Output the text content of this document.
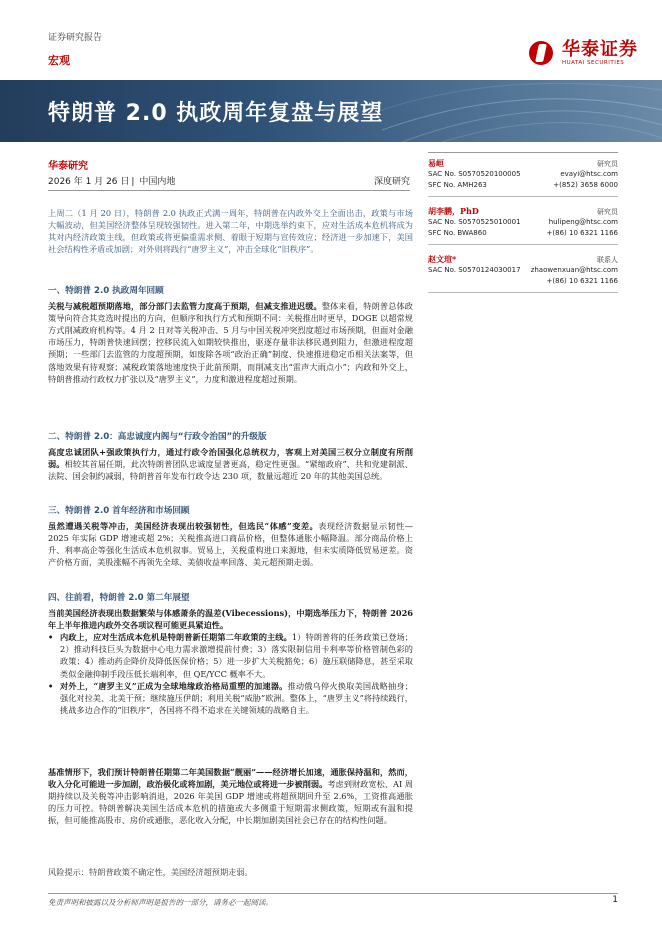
证券研究报告
宏观
华泰证券
HUATAI SECURITIES
特朗普 2.0 执政周年复盘与展望
华泰研究
2026 年 1 月 26 日 | 中国内地	深度研究

上周二（1 月 20 日），特朗普 2.0 执政正式满一周年，特朗普在内政外交上全面出击，政策与市场大幅波动，但美国经济整体呈现较强韧性。进入第二年，中期选举约束下，应对生活成本危机将成为其对内经济政策主线，但政策或将更偏重需求侧、着眼于短期与宣传效应；经济进一步加速下，美国社会结构性矛盾或加剧；对外则将践行“唐罗主义”，冲击全球化“旧秩序”。

一、特朗普 2.0 执政周年回顾

关税与减税超预期落地，部分部门去监管力度高于预期，但减支推进迟缓。整体来看，特朗普总体政策导向符合其竞选时提出的方向，但顺序和执行方式和预期不同：关税推出时更早，DOGE 以超常规方式削减政府机构等。4 月 2 日对等关税冲击、5 月与中国关税冲突烈度超过市场预期，但面对金融市场压力，特朗普快速回摆；控移民流入如期较快推出，驱逐存量非法移民遇到阻力，但激进程度超预期；一些部门去监管的力度超预期，如废除各项“政治正确”制度、快速推进稳定币相关法案等，但落地效果有待观察；减税政策落地速度快于此前预期，而削减支出“雷声大雨点小”；内政和外交上，特朗普推动行政权力扩张以及“唐罗主义”，力度和激进程度超过预期。

二、特朗普 2.0：高忠诚度内阁与“行政令治国”的升级版

高度忠诚团队+强政策执行力，通过行政令治国强化总统权力，客观上对美国三权分立制度有所削弱。相较其首届任期，此次特朗普团队忠诚度显著更高，稳定性更强。“紧缩政府”、共和党建制派、法院、国会制约减弱，特朗普首年发布行政令达 230 项，数量远超近 20 年的其他美国总统。

三、特朗普 2.0 首年经济和市场回顾

虽然遭遇关税等冲击，美国经济表现出较强韧性，但选民“体感”变差。表现经济数据显示韧性—2025 年实际 GDP 增速或超 2%；关税推高进口商品价格，但整体通胀小幅降温。部分商品价格上升、利率高企等强化生活成本危机叙事。贸易上，关税重构进口来源地，但未实质降低贸易逆差。资产价格方面，美股涨幅不再领先全球、美债收益率回落、美元超预期走弱。

四、往前看，特朗普 2.0 第二年展望

当前美国经济表现出数据繁荣与体感萧条的温差(Vibecessions)，中期选举压力下，特朗普 2026 年上半年推进内政外交各项议程可能更具紧迫性。

• 内政上，应对生活成本危机是特朗普新任期第二年政策的主线。1）特朗普将的任务政策已登场；2）推动科技巨头为数据中心电力需求激增提前付费；3）落实限制信用卡利率等价格管制色彩的政策；4）推动药企降价及降低医保价格；5）进一步扩大关税豁免；6）施压联储降息，甚至采取类似金融抑制手段压低长端利率，但 QE/YCC 概率不大。

• 对外上，“唐罗主义”正成为全球地缘政治格局重塑的加速器。推动俄乌停火换取美国战略抽身；强化对拉美、北美干预；继续施压伊朗；利用关税“威胁”欧洲。整体上，“唐罗主义”将持续践行，挑战多边合作的“旧秩序”，各国将不得不追求在关键领域的战略自主。

基准情形下，我们预计特朗普任期第二年美国数据“靓丽”——经济增长加速，通胀保持温和，然而，收入分化可能进一步加剧，政治极化或将加剧，美元地位或将进一步被削弱。考虑到财政宽松、AI 周期持续以及关税等冲击影响消退，2026 年美国 GDP 增速或将超预期回升至 2.6%，工资推高通胀的压力可控。特朗普解决美国生活成本危机的措施或大多侧重于短期需求侧政策，短期或有温和提振，但可能推高股市、房价或通胀，恶化收入分配，中长期加剧美国社会已存在的结构性问题。

风险提示：特朗普政策不确定性，美国经济超预期走弱。
易峘	研究员
SAC No. S0570520100005	evayi@htsc.com
SFC No. AMH263	+(852) 3658 6000
胡李鹏，PhD	研究员
SAC No. S0570525010001	hulipeng@htsc.com
SFC No. BWA860	+(86) 10 6321 1166
赵文瑄*	联系人
SAC No. S0570124030017 zhaowenxuan@htsc.com
+(86) 10 6321 1166
免责声明和披露以及分析师声明是报告的一部分，请务必一起阅读。	1
